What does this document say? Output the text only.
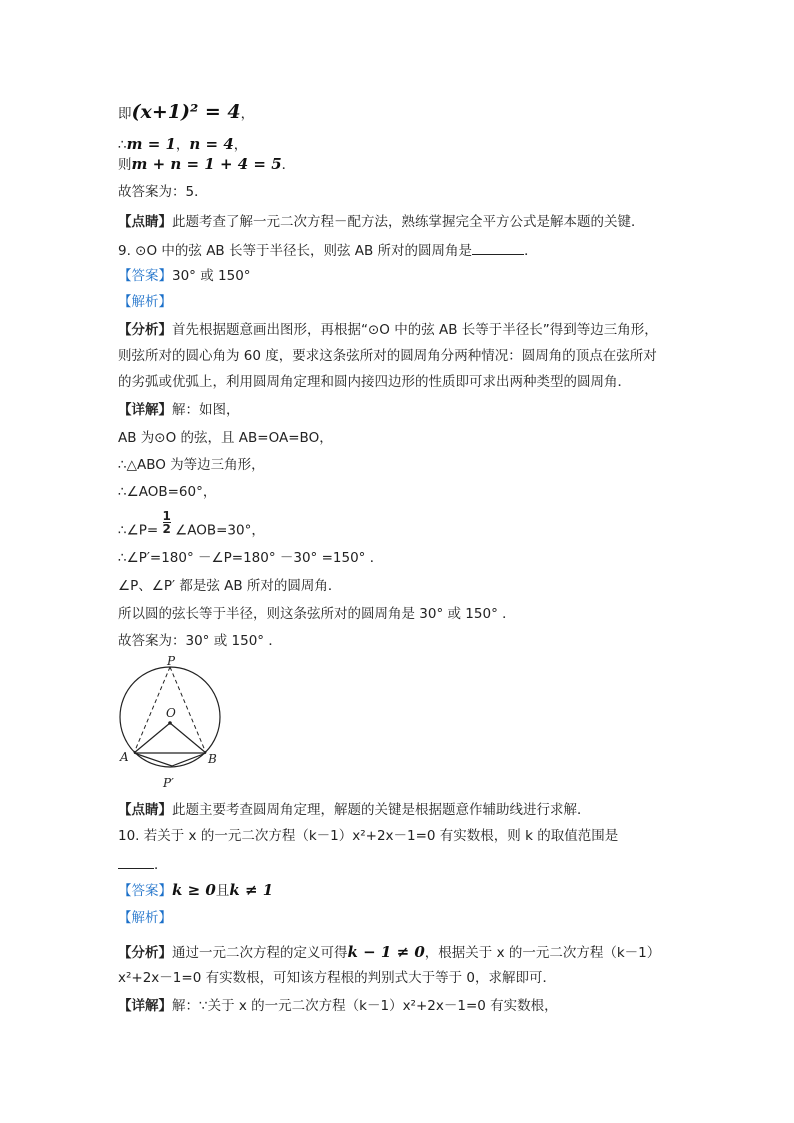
即(x+1)² = 4，
∴m = 1，n = 4，
则m + n = 1 + 4 = 5．
故答案为：5．
【点睛】此题考查了解一元二次方程－配方法，熟练掌握完全平方公式是解本题的关键．
9. ⊙O 中的弦 AB 长等于半径长，则弦 AB 所对的圆周角是	．
【答案】30° 或 150°
【解析】
【分析】首先根据题意画出图形，再根据“⊙O 中的弦 AB 长等于半径长”得到等边三角形，
则弦所对的圆心角为 60 度，要求这条弦所对的圆周角分两种情况：圆周角的顶点在弦所对
的劣弧或优弧上，利用圆周角定理和圆内接四边形的性质即可求出两种类型的圆周角．
【详解】解：如图，
AB 为⊙O 的弦，且 AB=OA=BO，
∴△ABO 为等边三角形，
∴∠AOB=60°，
∴∠P= $\frac{1}{2}$ ∠AOB=30°，
∴∠P′=180° －∠P=180° －30° =150° ．
∠P、∠P′ 都是弦 AB 所对的圆周角．
所以圆的弦长等于半径，则这条弦所对的圆周角是 30° 或 150° ．
故答案为：30° 或 150° ．
P
O
A	B
P′
【点睛】此题主要考查圆周角定理，解题的关键是根据题意作辅助线进行求解．
10. 若关于 x 的一元二次方程（k－1）x²+2x－1=0 有实数根，则 k 的取值范围是
．
【答案】k ≥ 0且k ≠ 1
【解析】
【分析】通过一元二次方程的定义可得k − 1 ≠ 0，根据关于 x 的一元二次方程（k－1）
x²+2x－1=0 有实数根，可知该方程根的判别式大于等于 0，求解即可．
【详解】解：∵关于 x 的一元二次方程（k－1）x²+2x－1=0 有实数根，
